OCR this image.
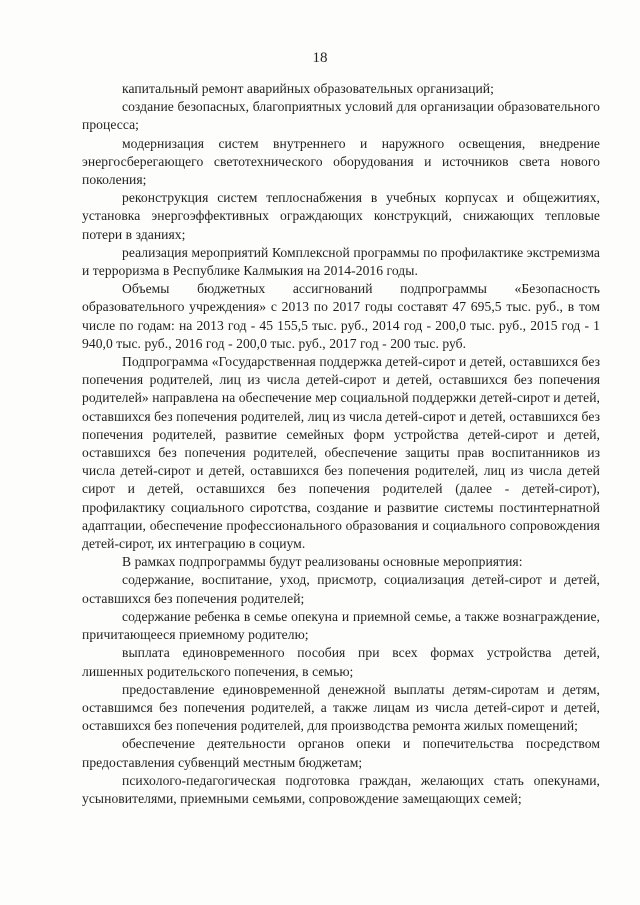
18

капитальный ремонт аварийных образовательных организаций;

создание безопасных, благоприятных условий для организации образовательного процесса;

модернизация систем внутреннего и наружного освещения, внедрение энергосберегающего светотехнического оборудования и источников света нового поколения;

реконструкция систем теплоснабжения в учебных корпусах и общежитиях, установка энергоэффективных ограждающих конструкций, снижающих тепловые потери в зданиях;

реализация мероприятий Комплексной программы по профилактике экстремизма и терроризма в Республике Калмыкия на 2014-2016 годы.

Объемы бюджетных ассигнований подпрограммы «Безопасность образовательного учреждения» с 2013 по 2017 годы составят 47 695,5 тыс. руб., в том числе по годам: на 2013 год - 45 155,5 тыс. руб., 2014 год - 200,0 тыс. руб., 2015 год - 1 940,0 тыс. руб., 2016 год - 200,0 тыс. руб., 2017 год - 200 тыс. руб.

Подпрограмма «Государственная поддержка детей-сирот и детей, оставшихся без попечения родителей, лиц из числа детей-сирот и детей, оставшихся без попечения родителей» направлена на обеспечение мер социальной поддержки детей-сирот и детей, оставшихся без попечения родителей, лиц из числа детей-сирот и детей, оставшихся без попечения родителей, развитие семейных форм устройства детей-сирот и детей, оставшихся без попечения родителей, обеспечение защиты прав воспитанников из числа детей-сирот и детей, оставшихся без попечения родителей, лиц из числа детей сирот и детей, оставшихся без попечения родителей (далее - детей-сирот), профилактику социального сиротства, создание и развитие системы постинтернатной адаптации, обеспечение профессионального образования и социального сопровождения детей-сирот, их интеграцию в социум.

В рамках подпрограммы будут реализованы основные мероприятия:

содержание, воспитание, уход, присмотр, социализация детей-сирот и детей, оставшихся без попечения родителей;

содержание ребенка в семье опекуна и приемной семье, а также вознаграждение, причитающееся приемному родителю;

выплата единовременного пособия при всех формах устройства детей, лишенных родительского попечения, в семью;

предоставление единовременной денежной выплаты детям-сиротам и детям, оставшимся без попечения родителей, а также лицам из числа детей-сирот и детей, оставшихся без попечения родителей, для производства ремонта жилых помещений;

обеспечение деятельности органов опеки и попечительства посредством предоставления субвенций местным бюджетам;

психолого-педагогическая подготовка граждан, желающих стать опекунами, усыновителями, приемными семьями, сопровождение замещающих семей;
